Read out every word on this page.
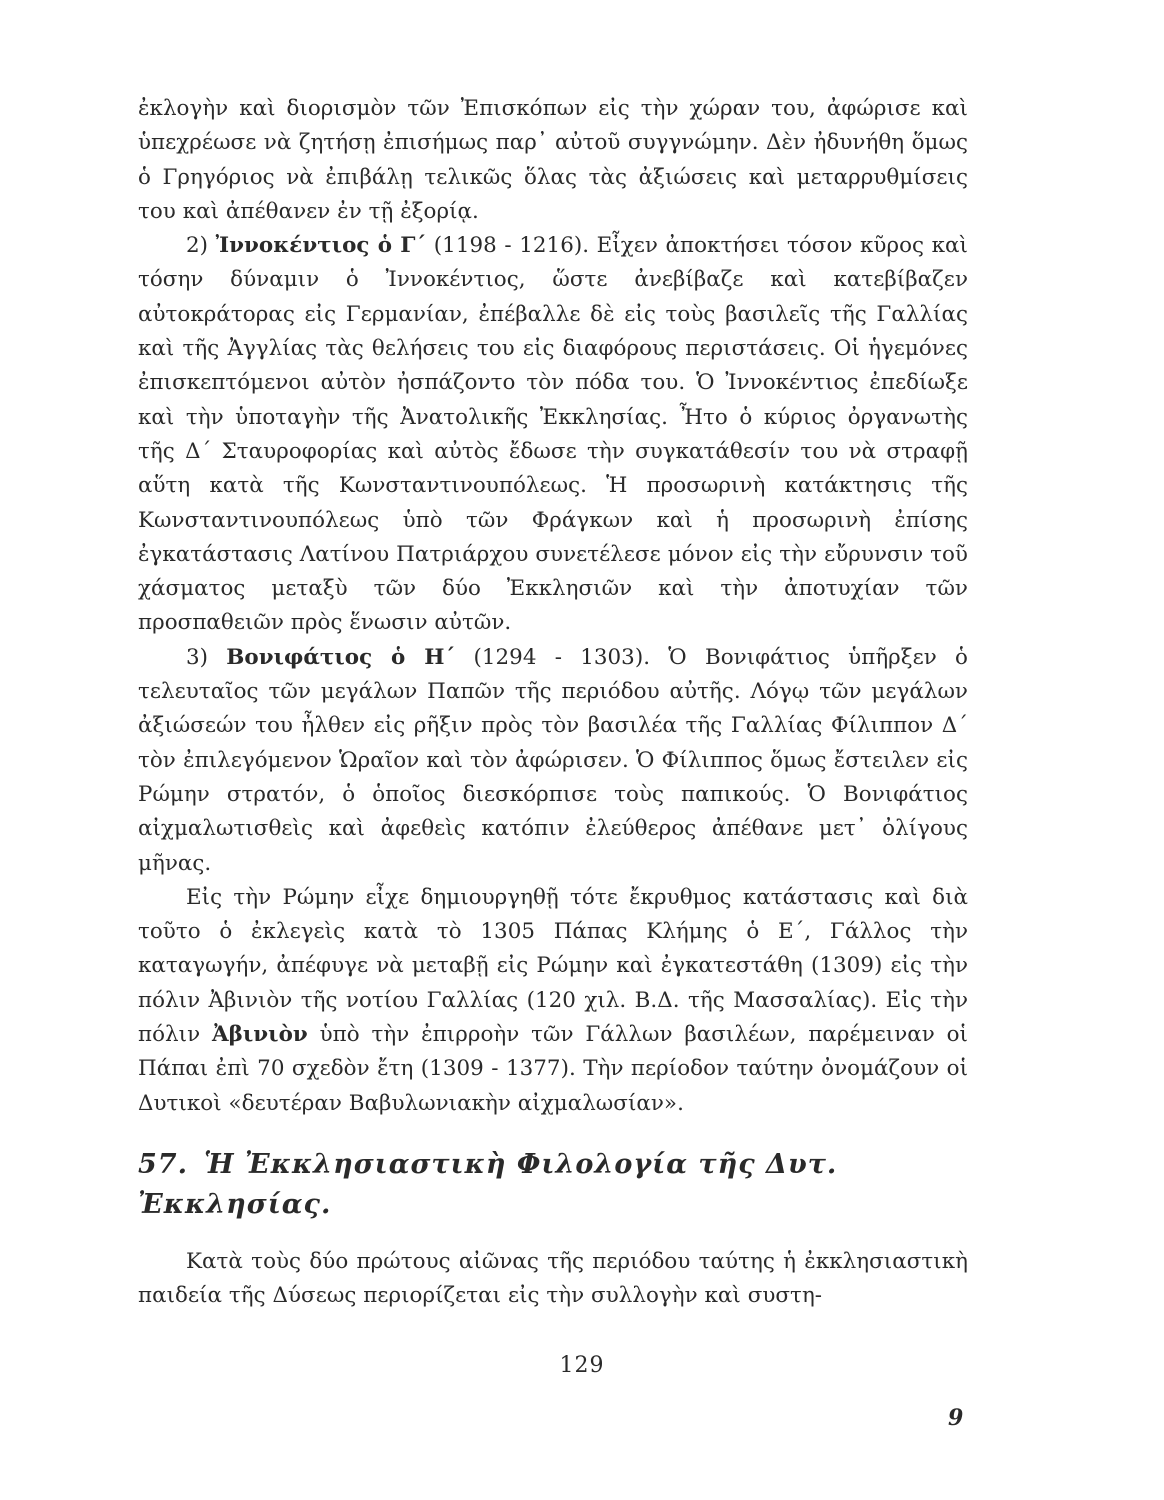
ἐκλογὴν καὶ διορισμὸν τῶν Ἐπισκόπων εἰς τὴν χώραν του, ἀφώρισε καὶ ὑπεχρέωσε νὰ ζητήσῃ ἐπισήμως παρ᾽ αὐτοῦ συγγνώμην. Δὲν ἠδυνήθη ὅμως ὁ Γρηγόριος νὰ ἐπιβάλῃ τελικῶς ὅλας τὰς ἀξιώσεις καὶ μεταρρυθμίσεις του καὶ ἀπέθανεν ἐν τῇ ἐξορίᾳ.

2) Ἰννοκέντιος ὁ Γ΄ (1198 - 1216). Εἶχεν ἀποκτήσει τόσον κῦρος καὶ τόσην δύναμιν ὁ Ἰννοκέντιος, ὥστε ἀνεβίβαζε καὶ κατεβίβαζεν αὐτοκράτορας εἰς Γερμανίαν, ἐπέβαλλε δὲ εἰς τοὺς βασιλεῖς τῆς Γαλλίας καὶ τῆς Ἀγγλίας τὰς θελήσεις του εἰς διαφόρους περιστάσεις. Οἱ ἡγεμόνες ἐπισκεπτόμενοι αὐτὸν ἠσπάζοντο τὸν πόδα του. Ὁ Ἰννοκέντιος ἐπεδίωξε καὶ τὴν ὑποταγὴν τῆς Ἀνατολικῆς Ἐκκλησίας. Ἦτο ὁ κύριος ὀργανωτὴς τῆς Δ΄ Σταυροφορίας καὶ αὐτὸς ἔδωσε τὴν συγκατάθεσίν του νὰ στραφῇ αὕτη κατὰ τῆς Κωνσταντινουπόλεως. Ἡ προσωρινὴ κατάκτησις τῆς Κωνσταντινουπόλεως ὑπὸ τῶν Φράγκων καὶ ἡ προσωρινὴ ἐπίσης ἐγκατάστασις Λατίνου Πατριάρχου συνετέλεσε μόνον εἰς τὴν εὔρυνσιν τοῦ χάσματος μεταξὺ τῶν δύο Ἐκκλησιῶν καὶ τὴν ἀποτυχίαν τῶν προσπαθειῶν πρὸς ἕνωσιν αὐτῶν.

3) Βονιφάτιος ὁ Η΄ (1294 - 1303). Ὁ Βονιφάτιος ὑπῆρξεν ὁ τελευταῖος τῶν μεγάλων Παπῶν τῆς περιόδου αὐτῆς. Λόγῳ τῶν μεγάλων ἀξιώσεών του ἦλθεν εἰς ρῆξιν πρὸς τὸν βασιλέα τῆς Γαλλίας Φίλιππον Δ΄ τὸν ἐπιλεγόμενον Ὡραῖον καὶ τὸν ἀφώρισεν. Ὁ Φίλιππος ὅμως ἔστειλεν εἰς Ρώμην στρατόν, ὁ ὁποῖος διεσκόρπισε τοὺς παπικούς. Ὁ Βονιφάτιος αἰχμαλωτισθεὶς καὶ ἀφεθεὶς κατόπιν ἐλεύθερος ἀπέθανε μετ᾽ ὀλίγους μῆνας.

Εἰς τὴν Ρώμην εἶχε δημιουργηθῇ τότε ἔκρυθμος κατάστασις καὶ διὰ τοῦτο ὁ ἐκλεγεὶς κατὰ τὸ 1305 Πάπας Κλήμης ὁ Ε΄, Γάλλος τὴν καταγωγήν, ἀπέφυγε νὰ μεταβῇ εἰς Ρώμην καὶ ἐγκατεστάθη (1309) εἰς τὴν πόλιν Ἀβινιὸν τῆς νοτίου Γαλλίας (120 χιλ. Β.Δ. τῆς Μασσαλίας). Εἰς τὴν πόλιν Ἀβινιὸν ὑπὸ τὴν ἐπιρροὴν τῶν Γάλλων βασιλέων, παρέμειναν οἱ Πάπαι ἐπὶ 70 σχεδὸν ἔτη (1309 - 1377). Τὴν περίοδον ταύτην ὀνομάζουν οἱ Δυτικοὶ «δευτέραν Βαβυλωνιακὴν αἰχμαλωσίαν».

57. Ἡ Ἐκκλησιαστικὴ Φιλολογία τῆς Δυτ. Ἐκκλησίας.

Κατὰ τοὺς δύο πρώτους αἰῶνας τῆς περιόδου ταύτης ἡ ἐκκλησιαστικὴ παιδεία τῆς Δύσεως περιορίζεται εἰς τὴν συλλογὴν καὶ συστη-

129
9
